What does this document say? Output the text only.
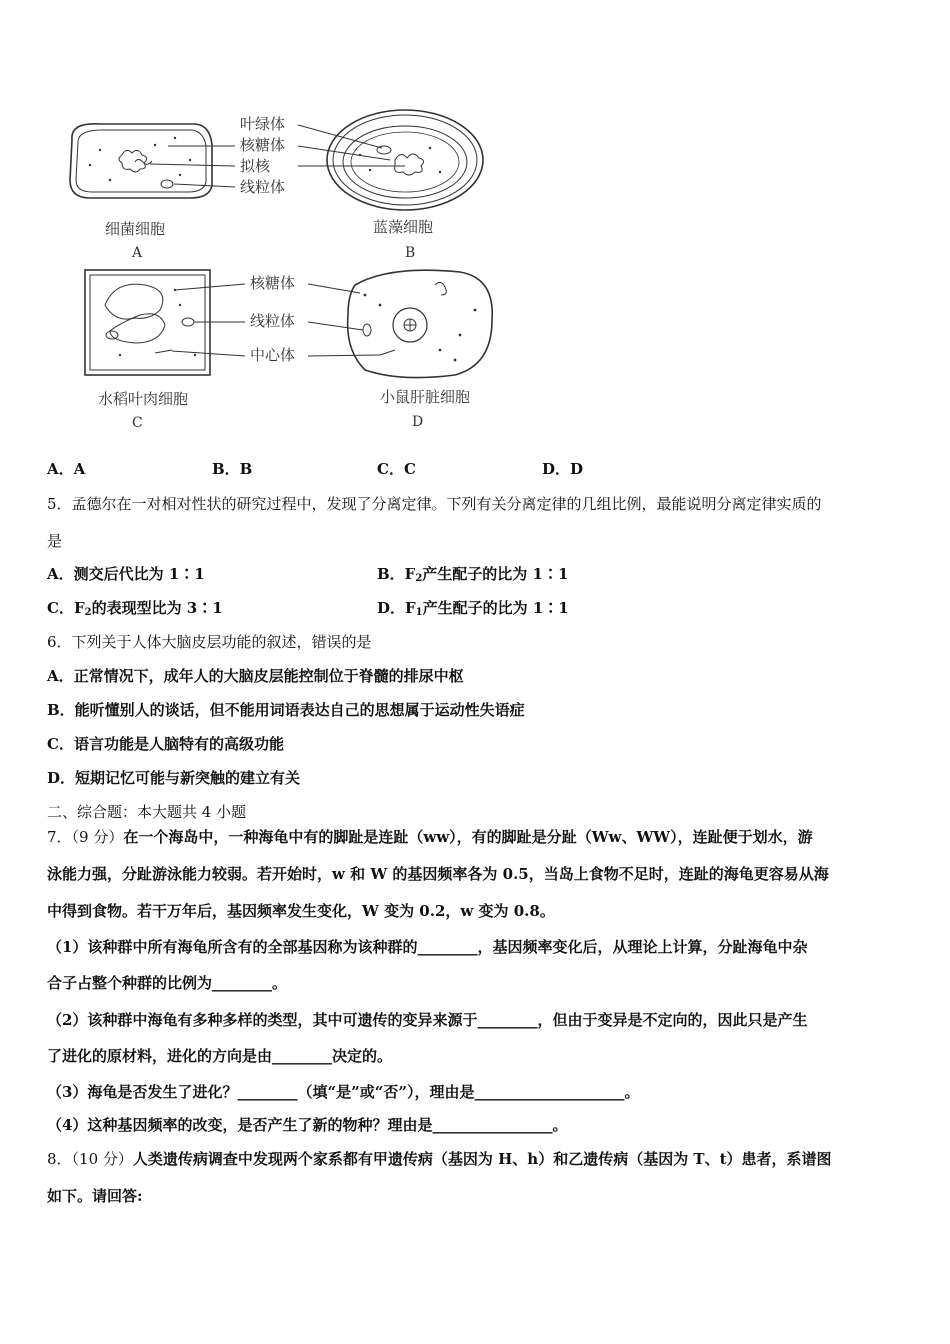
叶绿体
核糖体
拟核
线粒体
细菌细胞
A
蓝藻细胞
B
核糖体
线粒体
中心体
水稻叶肉细胞
C
小鼠肝脏细胞
D
A．A	B．B	C．C	D．D
5．孟德尔在一对相对性状的研究过程中，发现了分离定律。下列有关分离定律的几组比例，最能说明分离定律实质的
是
A．测交后代比为 1∶1	B．$F_2$产生配子的比为 1∶1
C．$F_2$的表现型比为 3∶1	D．$F_1$产生配子的比为 1∶1
6．下列关于人体大脑皮层功能的叙述，错误的是
A．正常情况下，成年人的大脑皮层能控制位于脊髓的排尿中枢
B．能听懂别人的谈话，但不能用词语表达自己的思想属于运动性失语症
C．语言功能是人脑特有的高级功能
D．短期记忆可能与新突触的建立有关
二、综合题：本大题共 4 小题
7．（9 分）在一个海岛中，一种海龟中有的脚趾是连趾（ww），有的脚趾是分趾（Ww、WW），连趾便于划水，游
泳能力强，分趾游泳能力较弱。若开始时，w 和 W 的基因频率各为 0.5，当岛上食物不足时，连趾的海龟更容易从海
中得到食物。若干万年后，基因频率发生变化，W 变为 0.2，w 变为 0.8。
（1）该种群中所有海龟所含有的全部基因称为该种群的________，基因频率变化后，从理论上计算，分趾海龟中杂
合子占整个种群的比例为________。
（2）该种群中海龟有多种多样的类型，其中可遗传的变异来源于________，但由于变异是不定向的，因此只是产生
了进化的原材料，进化的方向是由________决定的。
（3）海龟是否发生了进化？________（填“是”或“否”），理由是____________________。
（4）这种基因频率的改变，是否产生了新的物种？理由是________________。
8．（10 分）人类遗传病调查中发现两个家系都有甲遗传病（基因为 H、h）和乙遗传病（基因为 T、t）患者，系谱图
如下。请回答:
